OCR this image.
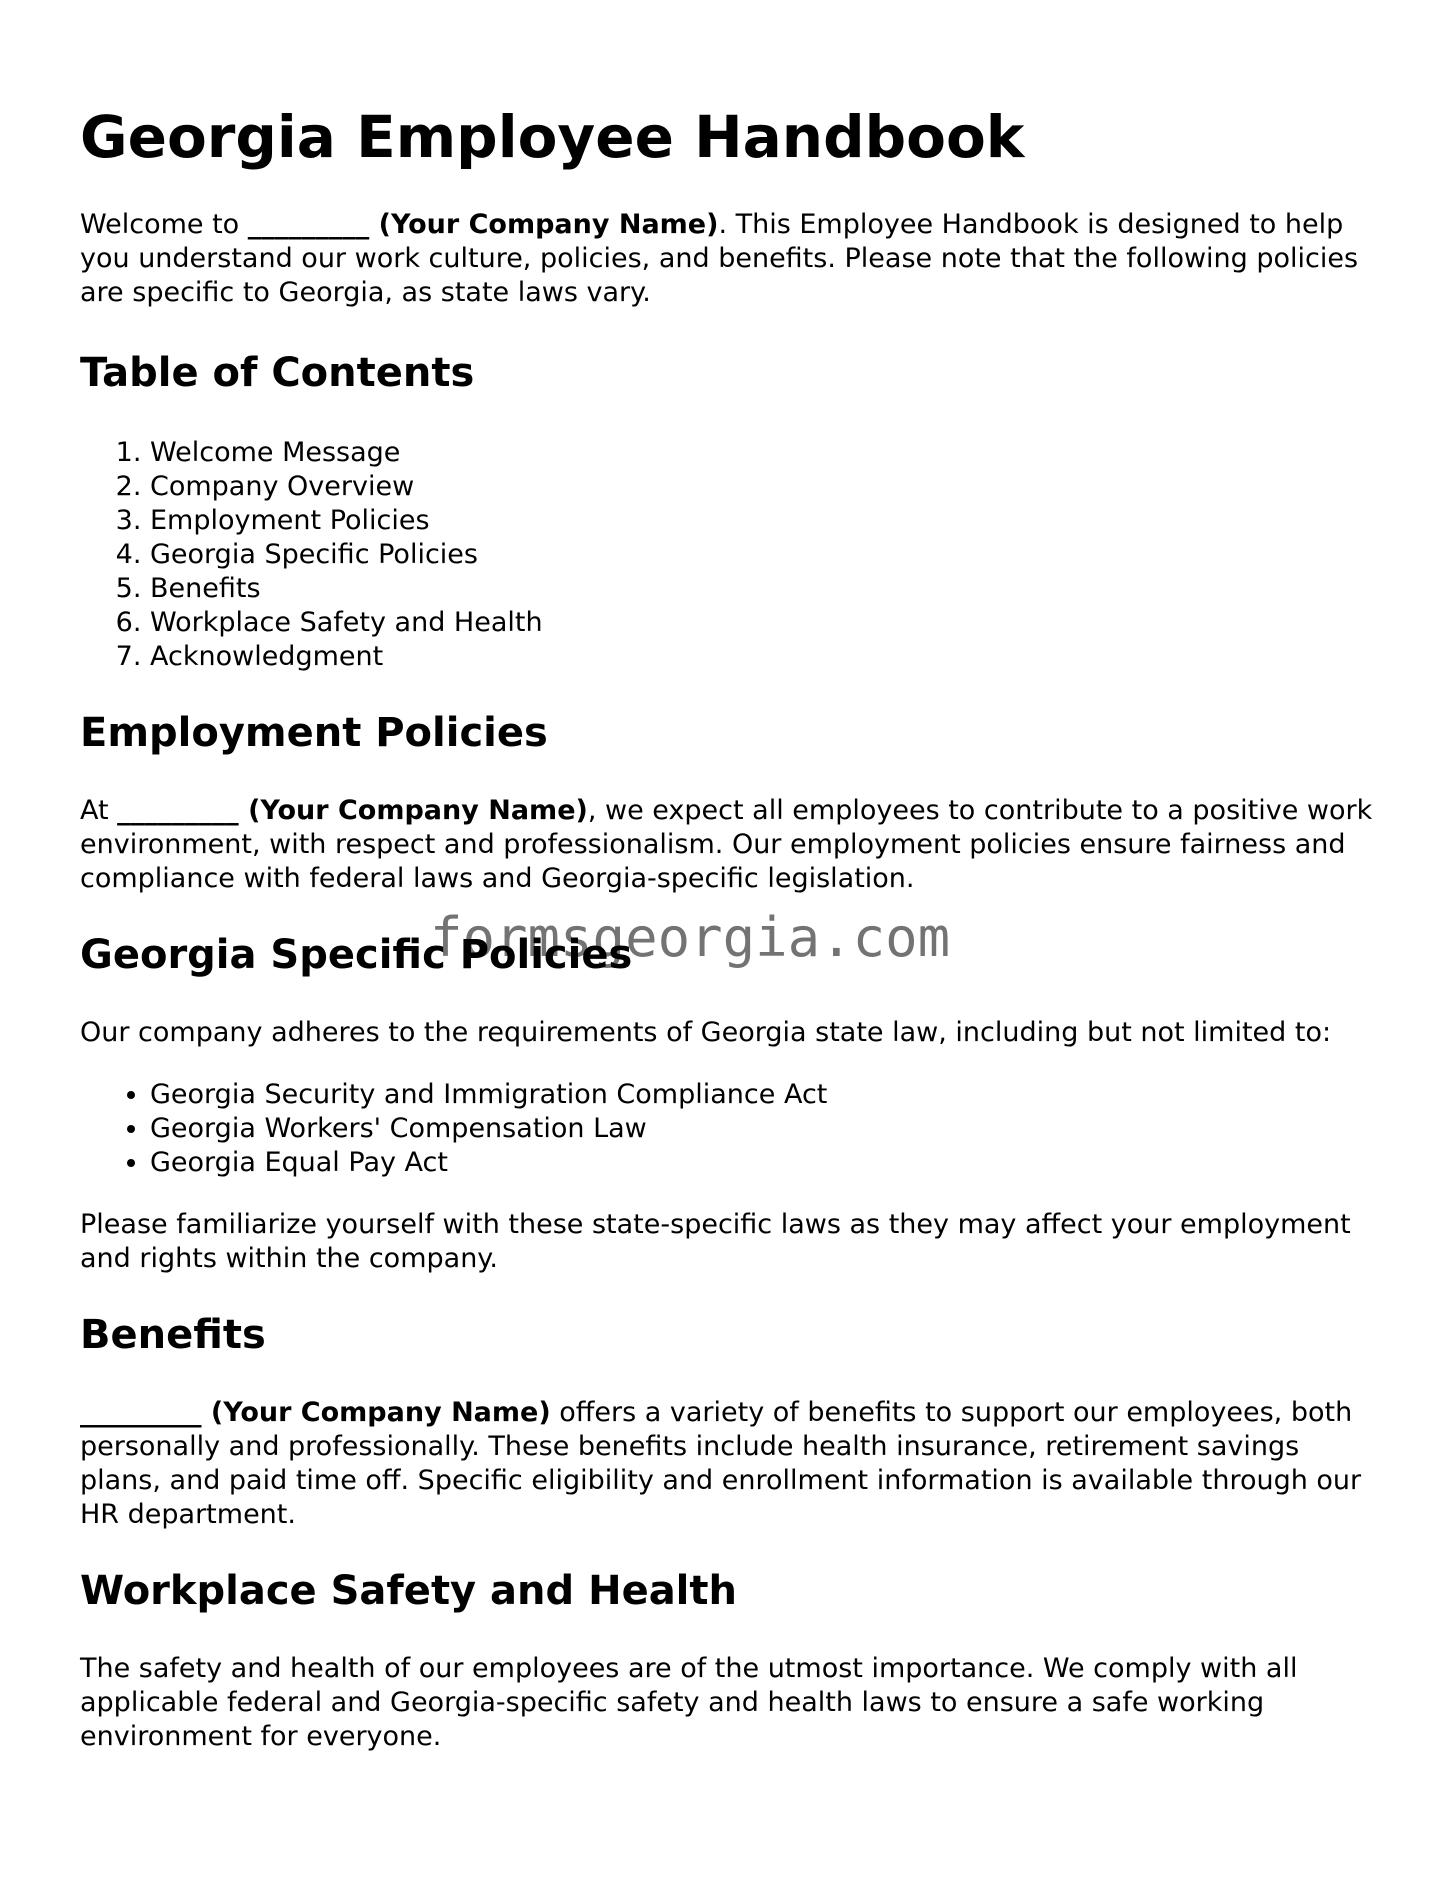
Georgia Employee Handbook

Welcome to _________ (Your Company Name). This Employee Handbook is designed to help you understand our work culture, policies, and benefits. Please note that the following policies are specific to Georgia, as state laws vary.

Table of Contents
1. Welcome Message
2. Company Overview
3. Employment Policies
4. Georgia Specific Policies
5. Benefits
6. Workplace Safety and Health
7. Acknowledgment
Employment Policies

At _________ (Your Company Name), we expect all employees to contribute to a positive work environment, with respect and professionalism. Our employment policies ensure fairness and compliance with federal laws and Georgia-specific legislation.

Georgia Specific Policies

Our company adheres to the requirements of Georgia state law, including but not limited to:

• Georgia Security and Immigration Compliance Act
• Georgia Workers' Compensation Law
• Georgia Equal Pay Act

Please familiarize yourself with these state-specific laws as they may affect your employment and rights within the company.

Benefits

_________ (Your Company Name) offers a variety of benefits to support our employees, both personally and professionally. These benefits include health insurance, retirement savings plans, and paid time off. Specific eligibility and enrollment information is available through our HR department.

Workplace Safety and Health

The safety and health of our employees are of the utmost importance. We comply with all applicable federal and Georgia-specific safety and health laws to ensure a safe working environment for everyone.

formsgeorgia.com
